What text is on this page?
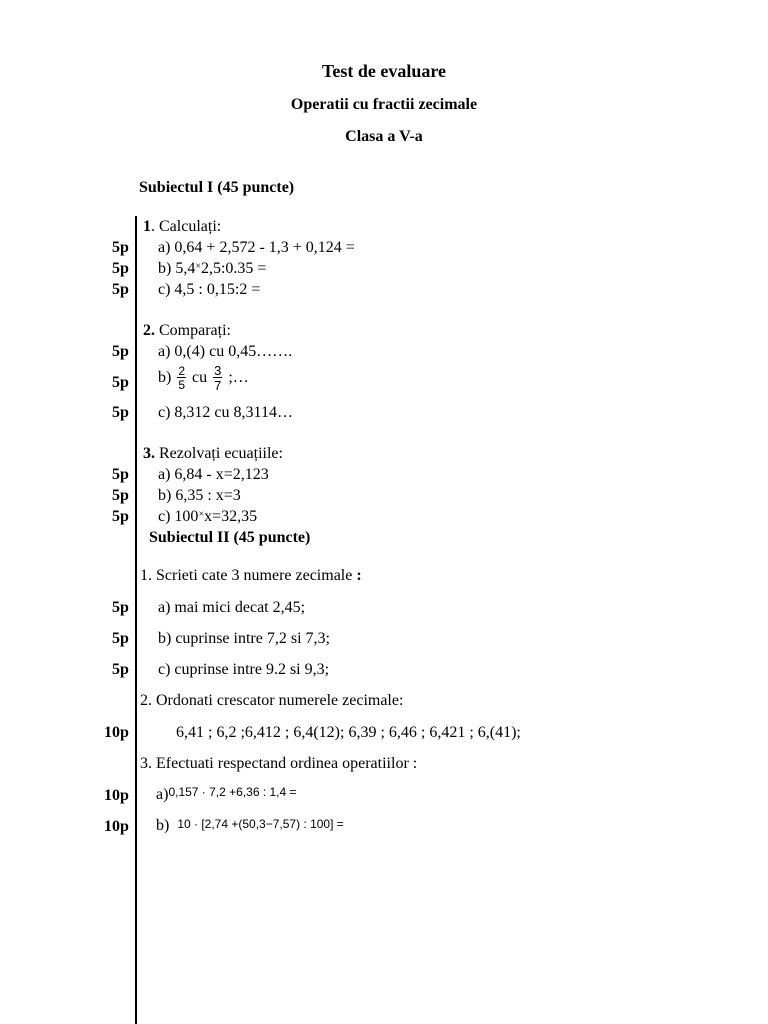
Test de evaluare
Operatii cu fractii zecimale
Clasa a V-a
Subiectul I (45 puncte)
1. Calculați:
5p a) 0,64 + 2,572 - 1,3 + 0,124 =
5p b) 5,4×2,5:0.35 =
5p c) 4,5 : 0,15:2 =
2. Comparați:
5p a) 0,(4) cu 0,45…….
5p $b) \frac{2}{5}$ cu $\frac{3}{7}$ ;…
5p c) 8,312 cu 8,3114…
3. Rezolvați ecuațiile:
5p a) 6,84 - x=2,123
5p b) 6,35 : x=3
5p c) 100×x=32,35
Subiectul II (45 puncte)
1. Scrieti cate 3 numere zecimale :
5p a) mai mici decat 2,45;
5p b) cuprinse intre 7,2 si 7,3;
5p c) cuprinse intre 9.2 si 9,3;
2. Ordonati crescator numerele zecimale:
10p	6,41 ; 6,2 ;6,412 ; 6,4(12); 6,39 ; 6,46 ; 6,421 ; 6,(41);
3. Efectuati respectand ordinea operatiilor :
10p a)0,157 · 7,2 +6,36 : 1,4 =
10p b) 10 · [2,74 +(50,3−7,57) : 100] =
